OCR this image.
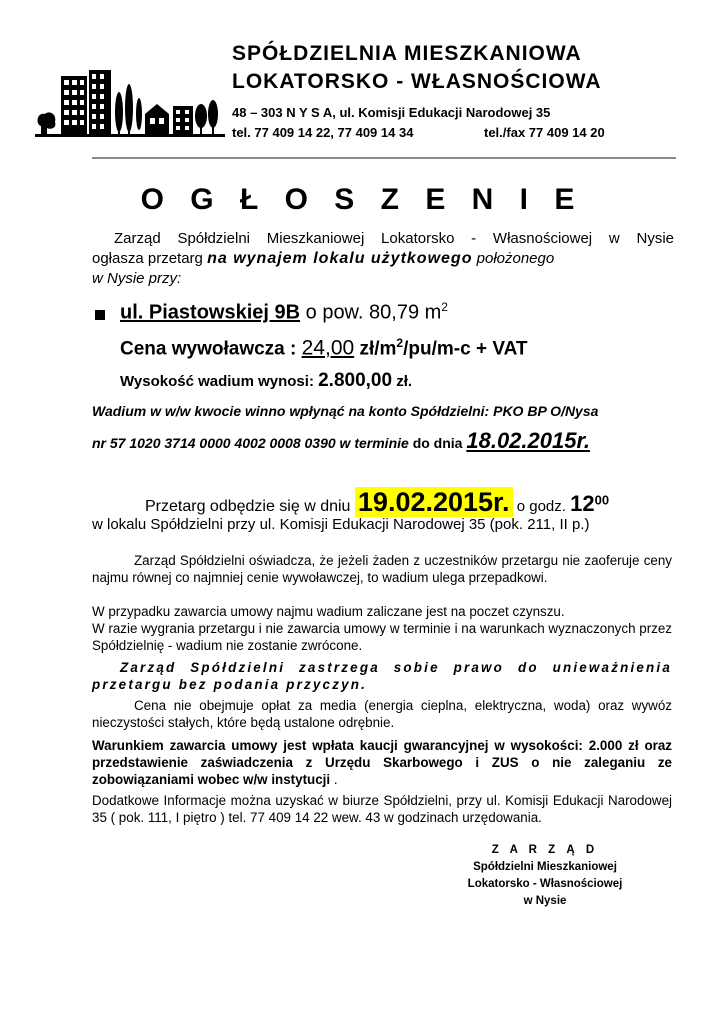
SPÓŁDZIELNIA MIESZKANIOWA
LOKATORSKO - WŁASNOŚCIOWA
48 – 303 N Y S A, ul. Komisji Edukacji Narodowej 35
tel. 77 409 14 22, 77 409 14 34	tel./fax 77 409 14 20
O G Ł O S Z E N I E
Zarząd Spółdzielni Mieszkaniowej Lokatorsko - Własnościowej w Nysie
ogłasza przetarg na wynajem lokalu użytkowego położonego
w Nysie przy:
ul. Piastowskiej 9B o pow. 80,79 $m^2$
Cena wywoławcza : 24,00 $zł/m^2/pu/m-c$ + VAT
Wysokość wadium wynosi: 2.800,00 zł.
Wadium w w/w kwocie winno wpłynąć na konto Spółdzielni: PKO BP O/Nysa
nr 57 1020 3714 0000 4002 0008 0390 w terminie do dnia 18.02.2015r.
Przetarg odbędzie się w dniu 19.02.2015r. o godz. $12^{00}$
w lokalu Spółdzielni przy ul. Komisji Edukacji Narodowej 35 (pok. 211, II p.)
Zarząd Spółdzielni oświadcza, że jeżeli żaden z uczestników przetargu nie zaoferuje ceny najmu równej co najmniej cenie wywoławczej, to wadium ulega przepadkowi.
W przypadku zawarcia umowy najmu wadium zaliczane jest na poczet czynszu.
W razie wygrania przetargu i nie zawarcia umowy w terminie i na warunkach wyznaczonych przez Spółdzielnię - wadium nie zostanie zwrócone.
Zarząd Spółdzielni zastrzega sobie prawo do unieważnienia przetargu bez podania przyczyn.
Cena nie obejmuje opłat za media (energia cieplna, elektryczna, woda) oraz wywóz nieczystości stałych, które będą ustalone odrębnie.
Warunkiem zawarcia umowy jest wpłata kaucji gwarancyjnej w wysokości: 2.000 zł oraz przedstawienie zaświadczenia z Urzędu Skarbowego i ZUS o nie zaleganiu ze zobowiązaniami wobec w/w instytucji .
Dodatkowe Informacje można uzyskać w biurze Spółdzielni, przy ul. Komisji Edukacji Narodowej 35 ( pok. 111, I piętro ) tel. 77 409 14 22 wew. 43 w godzinach urzędowania.
Z A R Z Ą D
Spółdzielni Mieszkaniowej
Lokatorsko - Własnościowej
w Nysie
